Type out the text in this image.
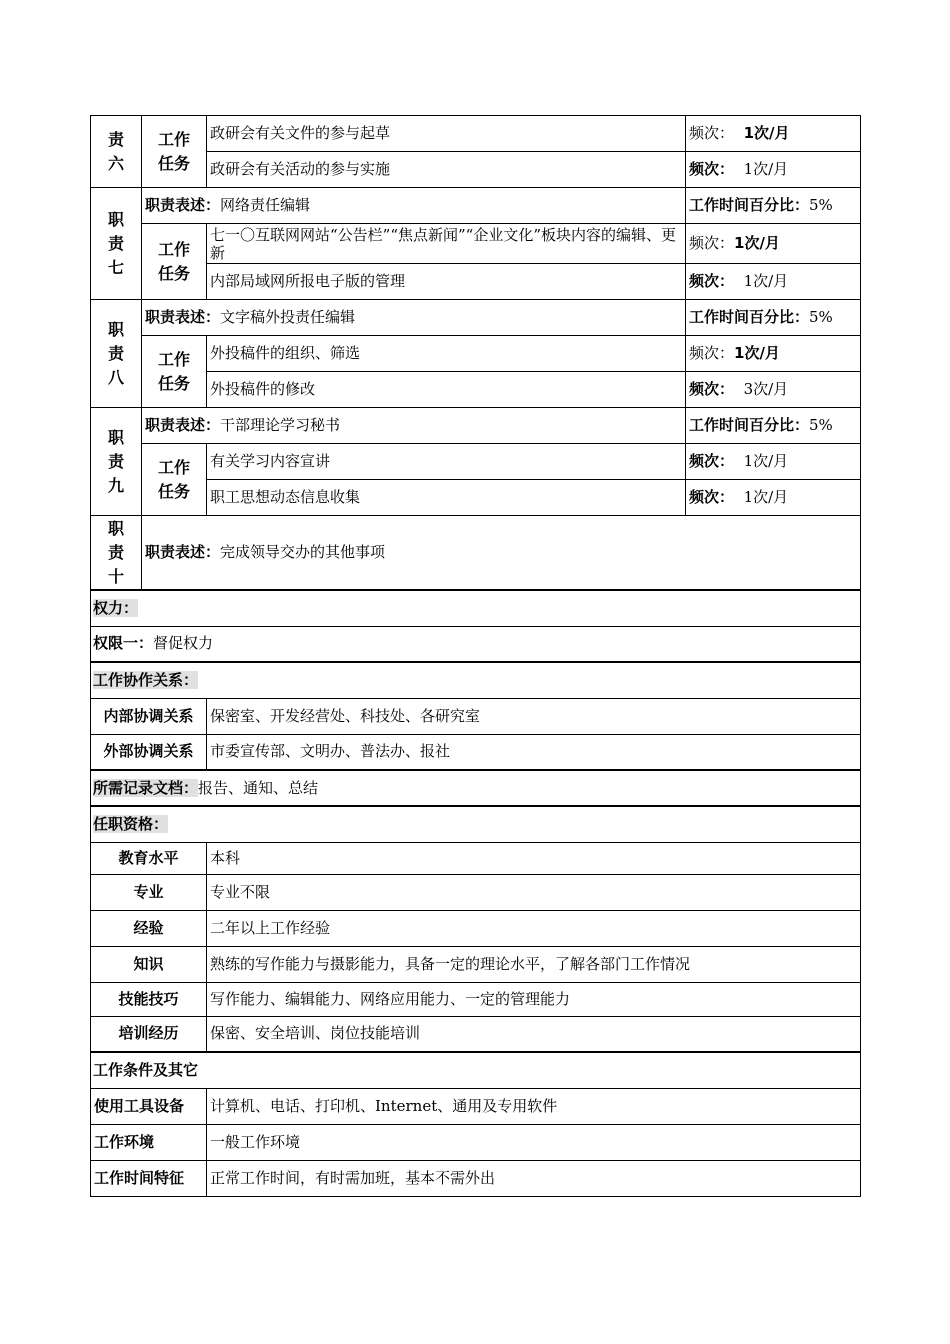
责六	工作任务	政研会有关文件的参与起草	频次： 1次/月
		政研会有关活动的参与实施	频次： 1次/月
职责七	职责表述：网络责任编辑		工作时间百分比：5%
	工作任务	七一〇互联网网站“公告栏”“焦点新闻”“企业文化”板块内容的编辑、更新	频次：1次/月
		内部局域网所报电子版的管理	频次： 1次/月
职责八	职责表述：文字稿外投责任编辑		工作时间百分比：5%
	工作任务	外投稿件的组织、筛选	频次：1次/月
		外投稿件的修改	频次： 3次/月
职责九	职责表述：干部理论学习秘书		工作时间百分比：5%
	工作任务	有关学习内容宣讲	频次： 1次/月
		职工思想动态信息收集	频次： 1次/月
职责十	职责表述：完成领导交办的其他事项		
权力：	
权限一：督促权力	
工作协作关系：	
内部协调关系	保密室、开发经营处、科技处、各研究室
外部协调关系	市委宣传部、文明办、普法办、报社
所需记录文档：报告、通知、总结	
任职资格：	
教育水平	本科
专业	专业不限
经验	二年以上工作经验
知识	熟练的写作能力与摄影能力，具备一定的理论水平，了解各部门工作情况
技能技巧	写作能力、编辑能力、网络应用能力、一定的管理能力
培训经历	保密、安全培训、岗位技能培训
工作条件及其它	
使用工具设备	计算机、电话、打印机、Internet、通用及专用软件
工作环境	一般工作环境
工作时间特征	正常工作时间，有时需加班，基本不需外出
